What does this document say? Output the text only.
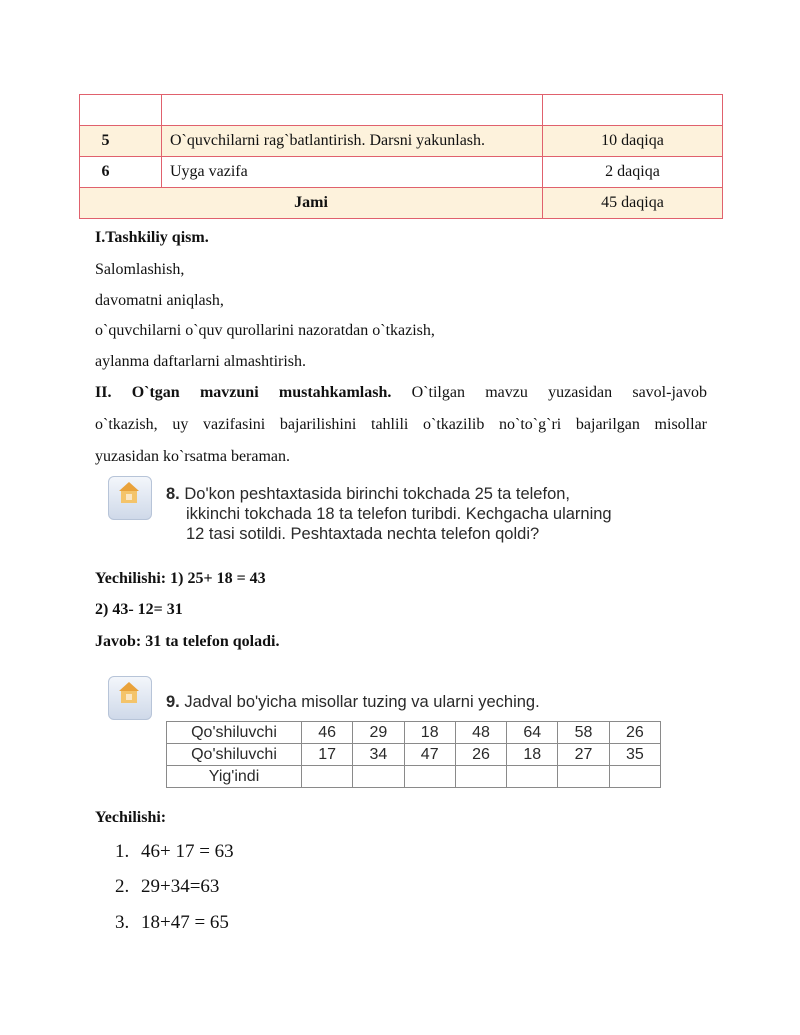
5	O`quvchilarni rag`batlantirish. Darsni yakunlash.	10 daqiqa
6	Uyga vazifa	2 daqiqa
Jami		45 daqiqa
I.Tashkiliy qism.
Salomlashish,
davomatni aniqlash,
o`quvchilarni o`quv qurollarini nazoratdan o`tkazish,
aylanma daftarlarni almashtirish.
II. O`tgan mavzuni mustahkamlash. O`tilgan mavzu yuzasidan savol-javob
o`tkazish, uy vazifasini bajarilishini tahlili o`tkazilib no`to`g`ri bajarilgan misollar
yuzasidan ko`rsatma beraman.
8. Do'kon peshtaxtasida birinchi tokchada 25 ta telefon,
ikkinchi tokchada 18 ta telefon turibdi. Kechgacha ularning
12 tasi sotildi. Peshtaxtada nechta telefon qoldi?
Yechilishi: 1) 25+ 18 = 43
2) 43- 12= 31
Javob: 31 ta telefon qoladi.
9. Jadval bo'yicha misollar tuzing va ularni yeching.
Qo'shiluvchi	46	29	18	48	64	58	26
Qo'shiluvchi	17	34	47	26	18	27	35
Yig'indi							
Yechilishi:
1. 46+ 17 = 63
2. 29+34=63
3. 18+47 = 65
